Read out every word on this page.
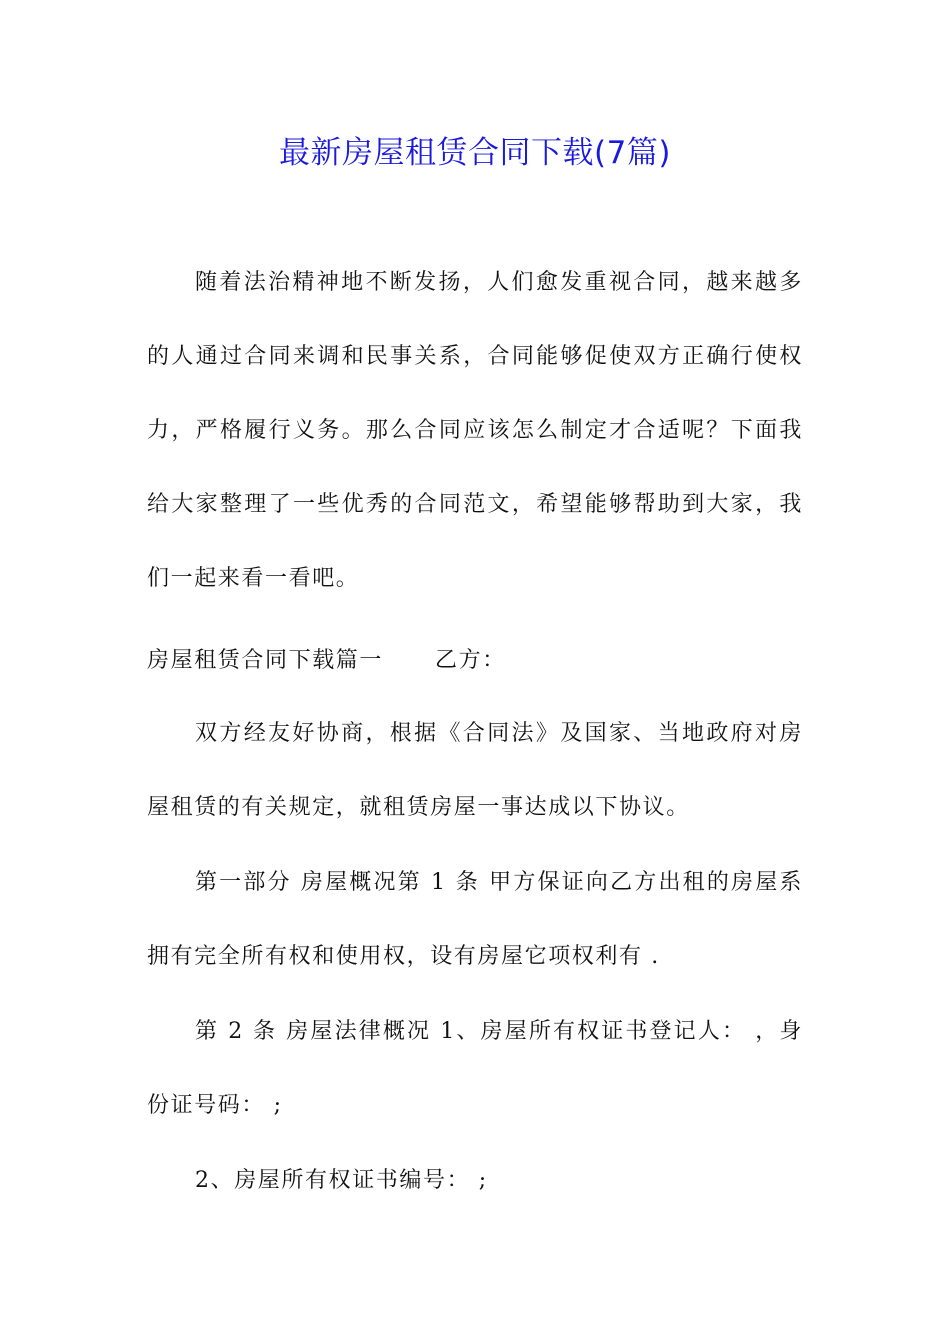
最新房屋租赁合同下载(7篇)
随着法治精神地不断发扬，人们愈发重视合同，越来越多的人通过合同来调和民事关系，合同能够促使双方正确行使权力，严格履行义务。那么合同应该怎么制定才合适呢？下面我给大家整理了一些优秀的合同范文，希望能够帮助到大家，我们一起来看一看吧。
房屋租赁合同下载篇一 乙方：
双方经友好协商，根据《合同法》及国家、当地政府对房屋租赁的有关规定，就租赁房屋一事达成以下协议。
第一部分 房屋概况第 1 条 甲方保证向乙方出租的房屋系拥有完全所有权和使用权，设有房屋它项权利有 .
第 2 条 房屋法律概况 1、房屋所有权证书登记人： ，身份证号码： ;
2、房屋所有权证书编号： ;
